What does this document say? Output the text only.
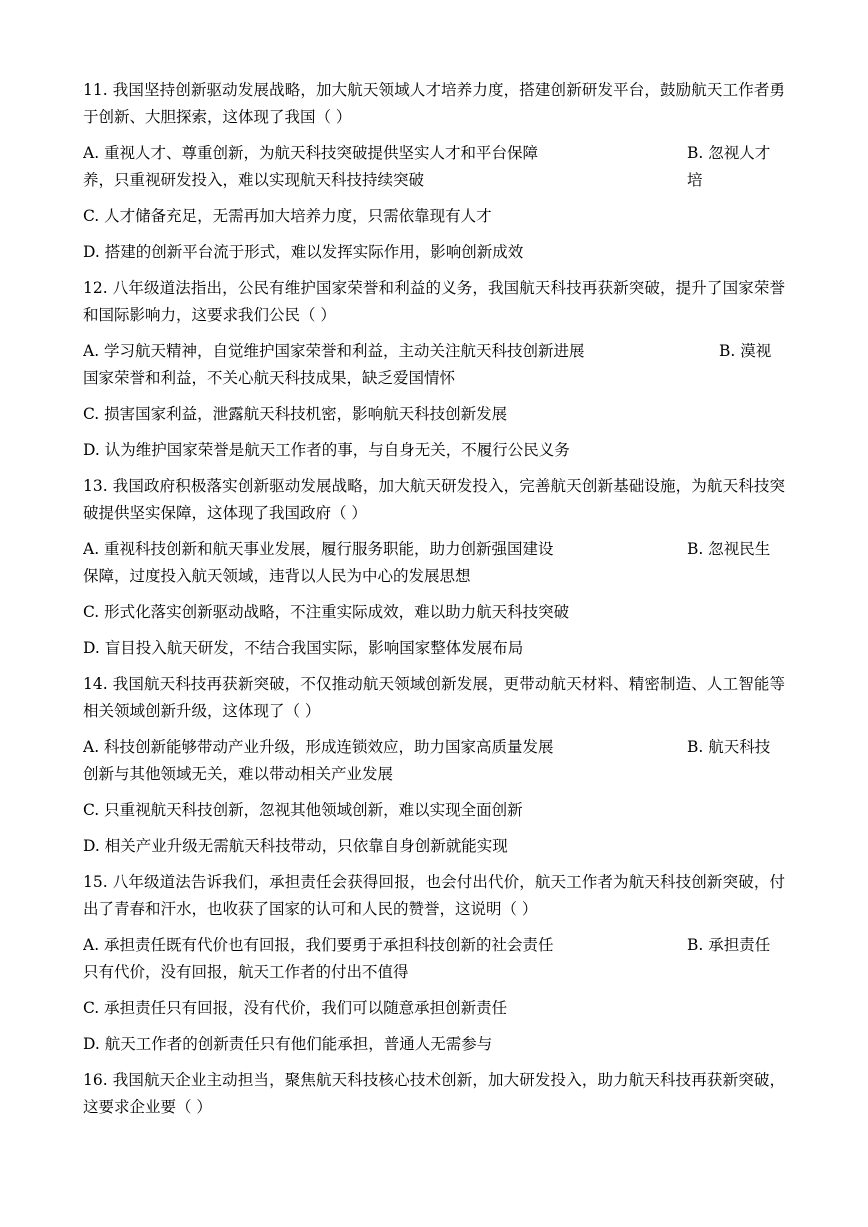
11. 我国坚持创新驱动发展战略，加大航天领域人才培养力度，搭建创新研发平台，鼓励航天工作者勇于创新、大胆探索，这体现了我国（ ）
A. 重视人才、尊重创新，为航天科技突破提供坚实人才和平台保障	B. 忽视人才培
养，只重视研发投入，难以实现航天科技持续突破
C. 人才储备充足，无需再加大培养力度，只需依靠现有人才
D. 搭建的创新平台流于形式，难以发挥实际作用，影响创新成效
12. 八年级道法指出，公民有维护国家荣誉和利益的义务，我国航天科技再获新突破，提升了国家荣誉和国际影响力，这要求我们公民（ ）
A. 学习航天精神，自觉维护国家荣誉和利益，主动关注航天科技创新进展	B. 漠视
国家荣誉和利益，不关心航天科技成果，缺乏爱国情怀
C. 损害国家利益，泄露航天科技机密，影响航天科技创新发展
D. 认为维护国家荣誉是航天工作者的事，与自身无关，不履行公民义务
13. 我国政府积极落实创新驱动发展战略，加大航天研发投入，完善航天创新基础设施，为航天科技突破提供坚实保障，这体现了我国政府（ ）
A. 重视科技创新和航天事业发展，履行服务职能，助力创新强国建设	B. 忽视民生
保障，过度投入航天领域，违背以人民为中心的发展思想
C. 形式化落实创新驱动战略，不注重实际成效，难以助力航天科技突破
D. 盲目投入航天研发，不结合我国实际，影响国家整体发展布局
14. 我国航天科技再获新突破，不仅推动航天领域创新发展，更带动航天材料、精密制造、人工智能等相关领域创新升级，这体现了（ ）
A. 科技创新能够带动产业升级，形成连锁效应，助力国家高质量发展	B. 航天科技
创新与其他领域无关，难以带动相关产业发展
C. 只重视航天科技创新，忽视其他领域创新，难以实现全面创新
D. 相关产业升级无需航天科技带动，只依靠自身创新就能实现
15. 八年级道法告诉我们，承担责任会获得回报，也会付出代价，航天工作者为航天科技创新突破，付出了青春和汗水，也收获了国家的认可和人民的赞誉，这说明（ ）
A. 承担责任既有代价也有回报，我们要勇于承担科技创新的社会责任	B. 承担责任
只有代价，没有回报，航天工作者的付出不值得
C. 承担责任只有回报，没有代价，我们可以随意承担创新责任
D. 航天工作者的创新责任只有他们能承担，普通人无需参与
16. 我国航天企业主动担当，聚焦航天科技核心技术创新，加大研发投入，助力航天科技再获新突破，这要求企业要（ ）
